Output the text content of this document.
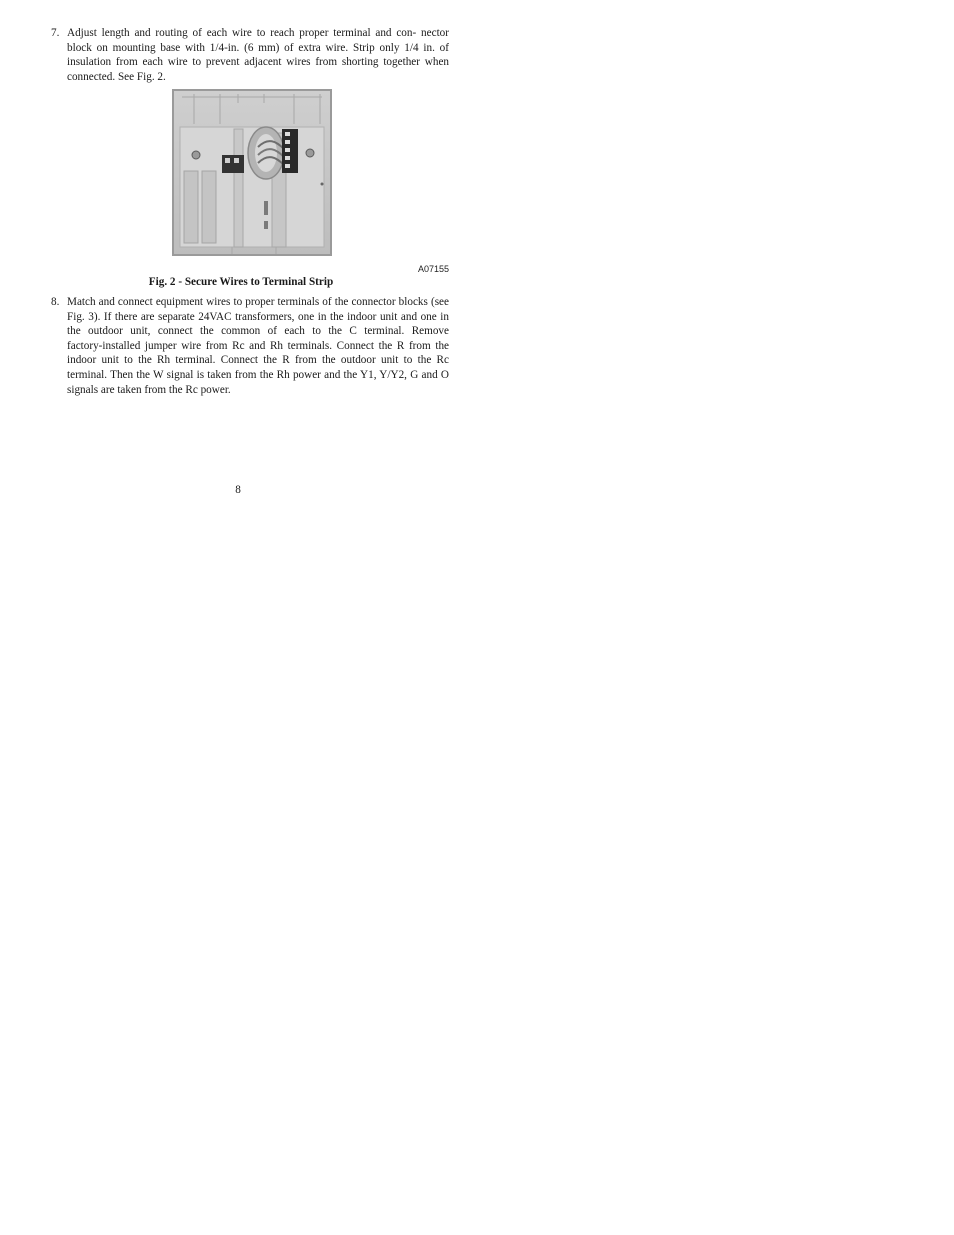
7. Adjust length and routing of each wire to reach proper terminal and con‑ nector block on mounting base with 1/4‑in. (6 mm) of extra wire. Strip only 1/4 in. of insulation from each wire to prevent adjacent wires from shorting together when connected. See Fig. 2.
A07155
Fig. 2 ‑ Secure Wires to Terminal Strip
8. Match and connect equipment wires to proper terminals of the connector blocks (see Fig. 3). If there are separate 24VAC transformers, one in the indoor unit and one in the outdoor unit, connect the common of each to the C terminal. Remove factory‑installed jumper wire from Rc and Rh terminals. Connect the R from the indoor unit to the Rh terminal. Connect the R from the outdoor unit to the Rc terminal. Then the W signal is taken from the Rh power and the Y1, Y/Y2, G and O signals are taken from the Rc power.
8
